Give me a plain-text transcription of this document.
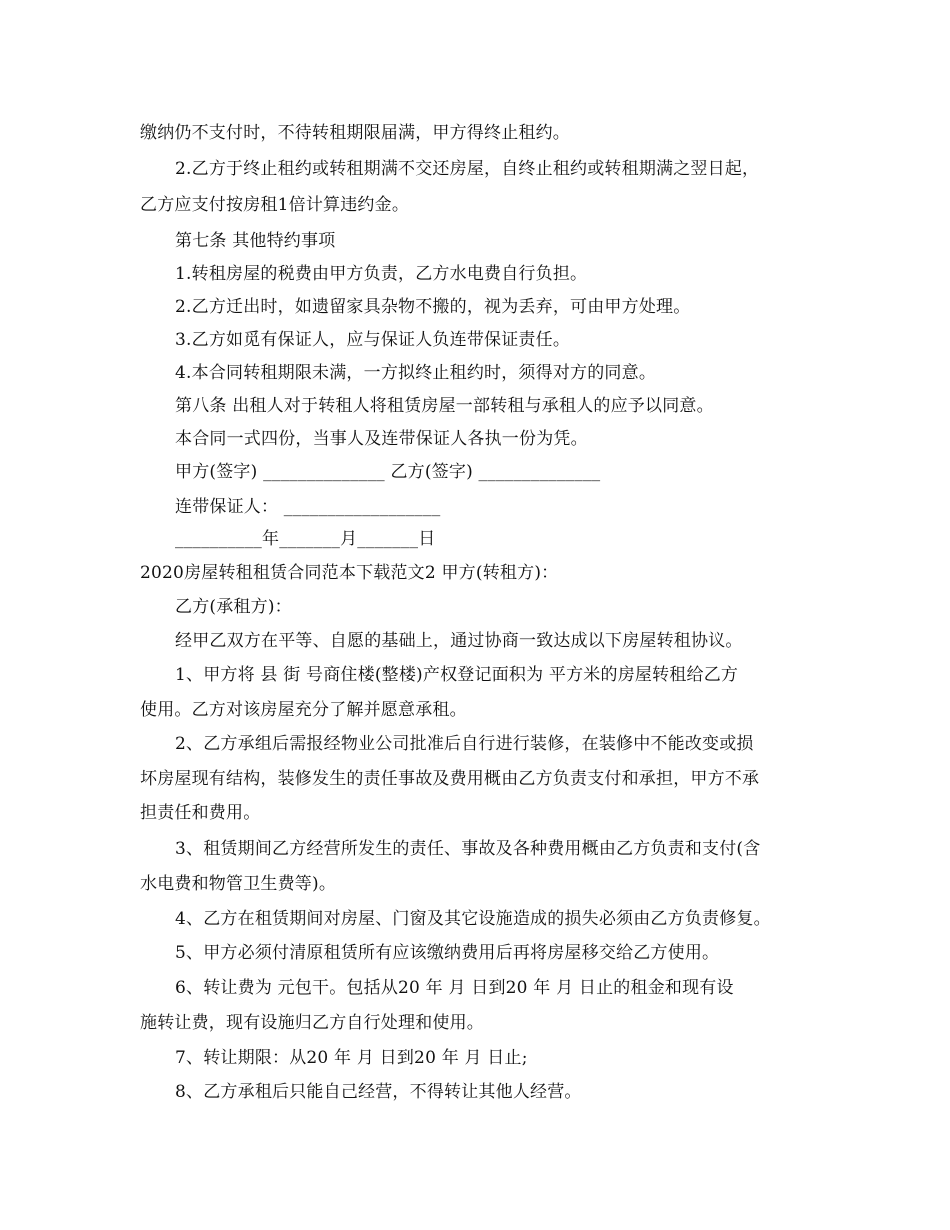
缴纳仍不支付时，不待转租期限届满，甲方得终止租约。
2.乙方于终止租约或转租期满不交还房屋，自终止租约或转租期满之翌日起，
乙方应支付按房租1倍计算违约金。
第七条 其他特约事项
1.转租房屋的税费由甲方负责，乙方水电费自行负担。
2.乙方迁出时，如遗留家具杂物不搬的，视为丢弃，可由甲方处理。
3.乙方如觅有保证人，应与保证人负连带保证责任。
4.本合同转租期限未满，一方拟终止租约时，须得对方的同意。
第八条 出租人对于转租人将租赁房屋一部转租与承租人的应予以同意。
本合同一式四份，当事人及连带保证人各执一份为凭。
甲方(签字) ______________ 乙方(签字) ______________
连带保证人： __________________
__________年_______月_______日
2020房屋转租租赁合同范本下载范文2 甲方(转租方)：
乙方(承租方)：
经甲乙双方在平等、自愿的基础上，通过协商一致达成以下房屋转租协议。
1、甲方将 县 街 号商住楼(整楼)产权登记面积为 平方米的房屋转租给乙方
使用。乙方对该房屋充分了解并愿意承租。
2、乙方承组后需报经物业公司批准后自行进行装修，在装修中不能改变或损
坏房屋现有结构，装修发生的责任事故及费用概由乙方负责支付和承担，甲方不承
担责任和费用。
3、租赁期间乙方经营所发生的责任、事故及各种费用概由乙方负责和支付(含
水电费和物管卫生费等)。
4、乙方在租赁期间对房屋、门窗及其它设施造成的损失必须由乙方负责修复。
5、甲方必须付清原租赁所有应该缴纳费用后再将房屋移交给乙方使用。
6、转让费为 元包干。包括从20 年 月 日到20 年 月 日止的租金和现有设
施转让费，现有设施归乙方自行处理和使用。
7、转让期限：从20 年 月 日到20 年 月 日止;
8、乙方承租后只能自己经营，不得转让其他人经营。
